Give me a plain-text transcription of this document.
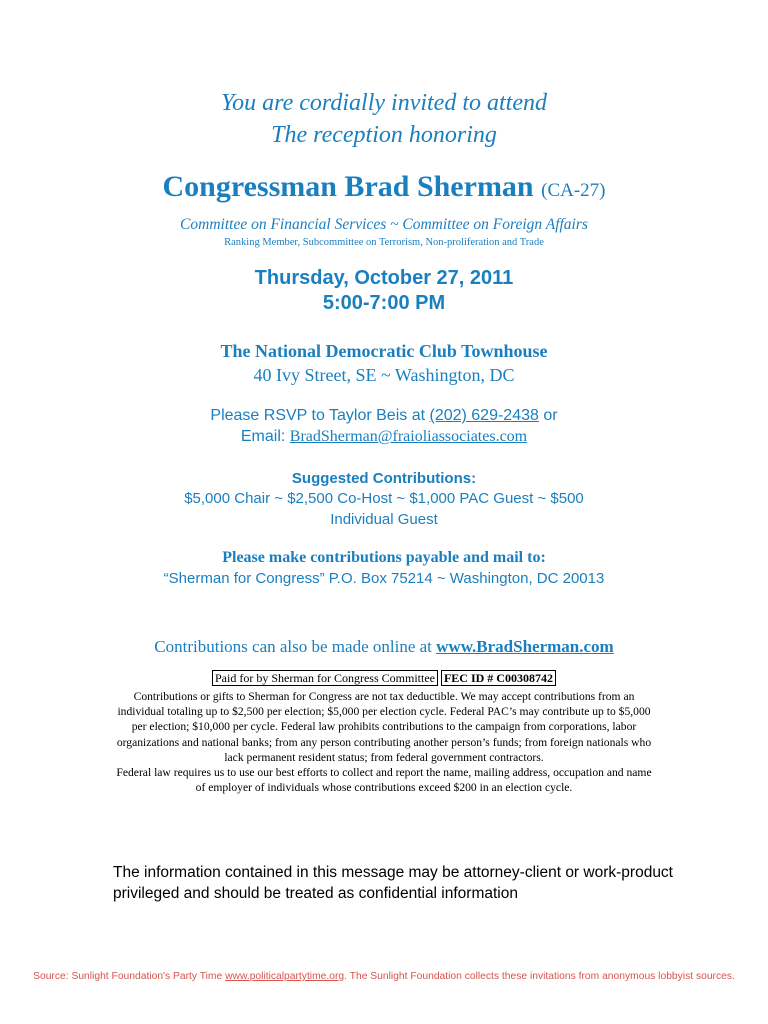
You are cordially invited to attend
The reception honoring
Congressman Brad Sherman (CA-27)
Committee on Financial Services ~ Committee on Foreign Affairs
Ranking Member, Subcommittee on Terrorism, Non-proliferation and Trade
Thursday, October 27, 2011
5:00-7:00 PM
The National Democratic Club Townhouse
40 Ivy Street, SE ~ Washington, DC
Please RSVP to Taylor Beis at (202) 629-2438 or
Email: BradSherman@fraioliassociates.com
Suggested Contributions:
$5,000 Chair ~ $2,500 Co-Host ~ $1,000 PAC Guest ~ $500
Individual Guest
Please make contributions payable and mail to:
“Sherman for Congress” P.O. Box 75214 ~ Washington, DC 20013
Contributions can also be made online at www.BradSherman.com
Paid for by Sherman for Congress Committee FEC ID # C00308742

Contributions or gifts to Sherman for Congress are not tax deductible. We may accept contributions from an individual totaling up to $2,500 per election; $5,000 per election cycle. Federal PAC’s may contribute up to $5,000 per election; $10,000 per cycle. Federal law prohibits contributions to the campaign from corporations, labor organizations and national banks; from any person contributing another person’s funds; from foreign nationals who lack permanent resident status; from federal government contractors.

Federal law requires us to use our best efforts to collect and report the name, mailing address, occupation and name of employer of individuals whose contributions exceed $200 in an election cycle.

The information contained in this message may be attorney-client or work-product privileged and should be treated as confidential information
Source: Sunlight Foundation's Party Time www.politicalpartytime.org. The Sunlight Foundation collects these invitations from anonymous lobbyist sources.
